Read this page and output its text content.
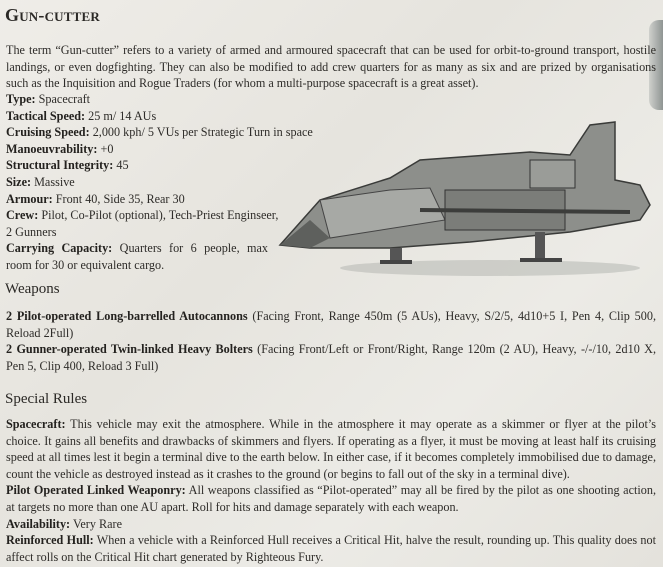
Gun-cutter
The term “Gun-cutter” refers to a variety of armed and armoured spacecraft that can be used for orbit-to-ground transport, hostile landings, or even dogfighting. They can also be modified to add crew quarters for as many as six and are prized by organisations such as the Inquisition and Rogue Traders (for whom a multi-purpose spacecraft is a great asset).
Type: Spacecraft
Tactical Speed: 25 m/ 14 AUs
Cruising Speed: 2,000 kph/ 5 VUs per Strategic Turn in space
Manoeuvrability: +0
Structural Integrity: 45
Size: Massive
Armour: Front 40, Side 35, Rear 30
Crew: Pilot, Co-Pilot (optional), Tech-Priest Enginseer, 2 Gunners
Carrying Capacity: Quarters for 6 people, max room for 30 or equivalent cargo.
Weapons
2 Pilot-operated Long-barrelled Autocannons (Facing Front, Range 450m (5 AUs), Heavy, S/2/5, 4d10+5 I, Pen 4, Clip 500, Reload 2Full)
2 Gunner-operated Twin-linked Heavy Bolters (Facing Front/Left or Front/Right, Range 120m (2 AU), Heavy, -/-/10, 2d10 X, Pen 5, Clip 400, Reload 3 Full)
Special Rules
Spacecraft: This vehicle may exit the atmosphere. While in the atmosphere it may operate as a skimmer or flyer at the pilot’s choice. It gains all benefits and drawbacks of skimmers and flyers. If operating as a flyer, it must be moving at least half its cruising speed at all times lest it begin a terminal dive to the earth below. In either case, if it becomes completely immobilised due to damage, count the vehicle as destroyed instead as it crashes to the ground (or begins to fall out of the sky in a terminal dive).
Pilot Operated Linked Weaponry: All weapons classified as “Pilot-operated” may all be fired by the pilot as one shooting action, at targets no more than one AU apart. Roll for hits and damage separately with each weapon.
Availability: Very Rare
Reinforced Hull: When a vehicle with a Reinforced Hull receives a Critical Hit, halve the result, rounding up. This quality does not affect rolls on the Critical Hit chart generated by Righteous Fury.
